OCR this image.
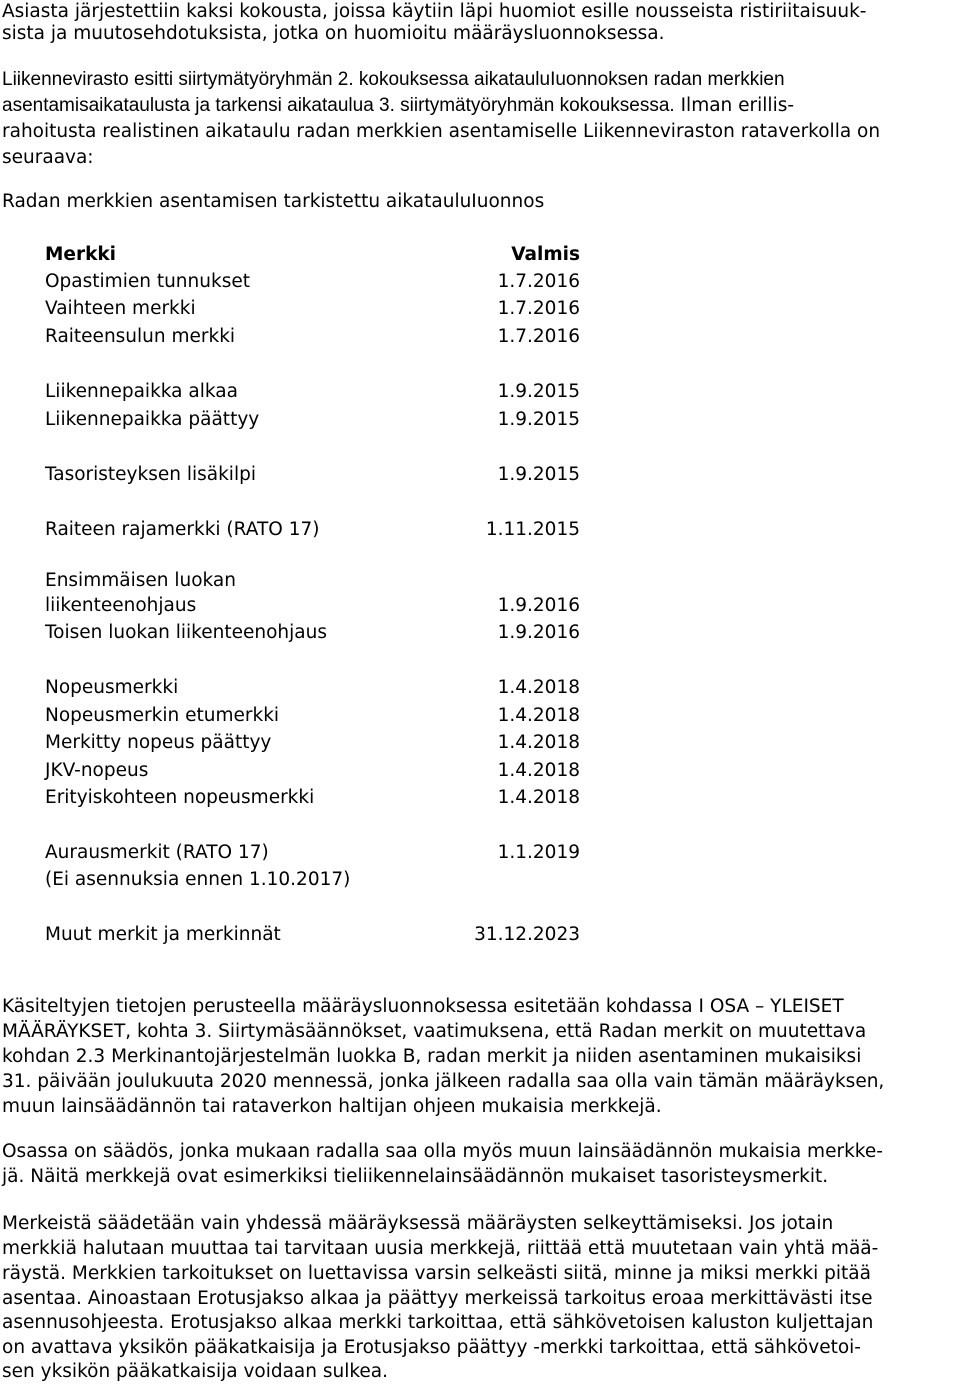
Asiasta järjestettiin kaksi kokousta, joissa käytiin läpi huomiot esille nousseista ristiriitaisuuk-
sista ja muutosehdotuksista, jotka on huomioitu määräysluonnoksessa.
Liikennevirasto esitti siirtymätyöryhmän 2. kokouksessa aikatauluIuonnoksen radan merkkien
asentamisaikataulusta ja tarkensi aikataulua 3. siirtymätyöryhmän kokouksessa. Ilman erillis-
rahoitusta realistinen aikataulu radan merkkien asentamiselle Liikenneviraston rataverkolla on
seuraava:
Radan merkkien asentamisen tarkistettu aikatauluIuonnos
Merkki	Valmis
Opastimien tunnukset	1.7.2016
Vaihteen merkki	1.7.2016
Raiteensulun merkki	1.7.2016
Liikennepaikka alkaa	1.9.2015
Liikennepaikka päättyy	1.9.2015
Tasoristeyksen lisäkilpi	1.9.2015
Raiteen rajamerkki (RATO 17)	1.11.2015
Ensimmäisen luokan
liikenteenohjaus	1.9.2016
Toisen luokan liikenteenohjaus	1.9.2016
Nopeusmerkki	1.4.2018
Nopeusmerkin etumerkki	1.4.2018
Merkitty nopeus päättyy	1.4.2018
JKV-nopeus	1.4.2018
Erityiskohteen nopeusmerkki	1.4.2018
Aurausmerkit (RATO 17)	1.1.2019
(Ei asennuksia ennen 1.10.2017)
Muut merkit ja merkinnät	31.12.2023
Käsiteltyjen tietojen perusteella määräysluonnoksessa esitetään kohdassa I OSA – YLEISET
MÄÄRÄYKSET, kohta 3. Siirtymäsäännökset, vaatimuksena, että Radan merkit on muutettava
kohdan 2.3 Merkinantojärjestelmän luokka B, radan merkit ja niiden asentaminen mukaisiksi
31. päivään joulukuuta 2020 mennessä, jonka jälkeen radalla saa olla vain tämän määräyksen,
muun lainsäädännön tai rataverkon haltijan ohjeen mukaisia merkkejä.
Osassa on säädös, jonka mukaan radalla saa olla myös muun lainsäädännön mukaisia merkke-
jä. Näitä merkkejä ovat esimerkiksi tieliikennelainsäädännön mukaiset tasoristeysmerkit.
Merkeistä säädetään vain yhdessä määräyksessä määräysten selkeyttämiseksi. Jos jotain
merkkiä halutaan muuttaa tai tarvitaan uusia merkkejä, riittää että muutetaan vain yhtä mää-
räystä. Merkkien tarkoitukset on luettavissa varsin selkeästi siitä, minne ja miksi merkki pitää
asentaa. Ainoastaan Erotusjakso alkaa ja päättyy merkeissä tarkoitus eroaa merkittävästi itse
asennusohjeesta. Erotusjakso alkaa merkki tarkoittaa, että sähkövetoisen kaluston kuljettajan
on avattava yksikön pääkatkaisija ja Erotusjakso päättyy -merkki tarkoittaa, että sähkövetoi-
sen yksikön pääkatkaisija voidaan sulkea.
